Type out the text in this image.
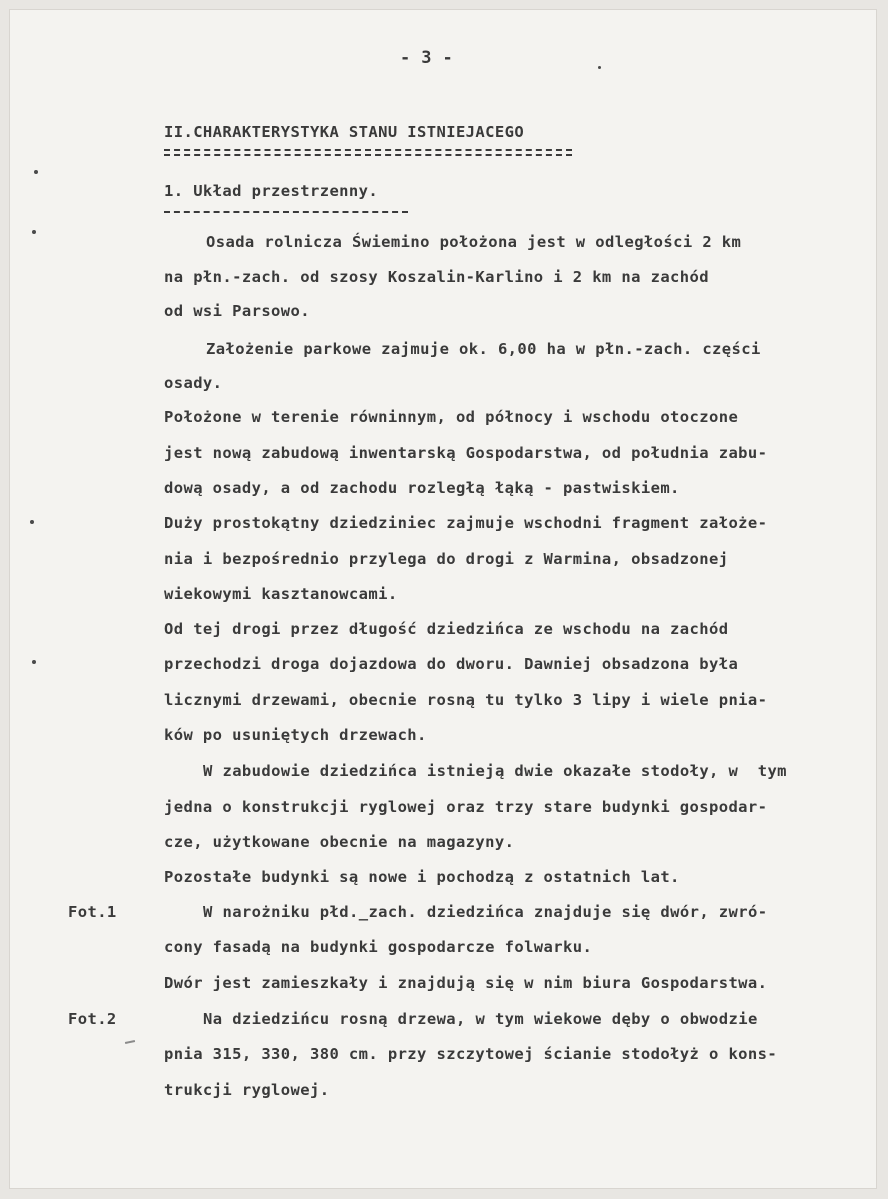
- 3 -
II.CHARAKTERYSTYKA STANU ISTNIEJACEGO
1. Układ przestrzenny.
Osada rolnicza Świemino położona jest w odległości 2 km
na płn.-zach. od szosy Koszalin-Karlino i 2 km na zachód
od wsi Parsowo.
Założenie parkowe zajmuje ok. 6,00 ha w płn.-zach. części
osady.
Położone w terenie równinnym, od północy i wschodu otoczone
jest nową zabudową inwentarską Gospodarstwa, od południa zabu-
dową osady, a od zachodu rozległą łąką - pastwiskiem.
Duży prostokątny dziedziniec zajmuje wschodni fragment założe-
nia i bezpośrednio przylega do drogi z Warmina, obsadzonej
wiekowymi kasztanowcami.
Od tej drogi przez długość dziedzińca ze wschodu na zachód
przechodzi droga dojazdowa do dworu. Dawniej obsadzona była
licznymi drzewami, obecnie rosną tu tylko 3 lipy i wiele pnia-
ków po usuniętych drzewach.
W zabudowie dziedzińca istnieją dwie okazałe stodoły, w  tym
jedna o konstrukcji ryglowej oraz trzy stare budynki gospodar-
cze, użytkowane obecnie na magazyny.
Pozostałe budynki są nowe i pochodzą z ostatnich lat.
Fot.1	W narożniku płd._zach. dziedzińca znajduje się dwór, zwró-
cony fasadą na budynki gospodarcze folwarku.
Dwór jest zamieszkały i znajdują się w nim biura Gospodarstwa.
Fot.2	Na dziedzińcu rosną drzewa, w tym wiekowe dęby o obwodzie
pnia 315, 330, 380 cm. przy szczytowej ścianie stodołyż o kons-
trukcji ryglowej.
